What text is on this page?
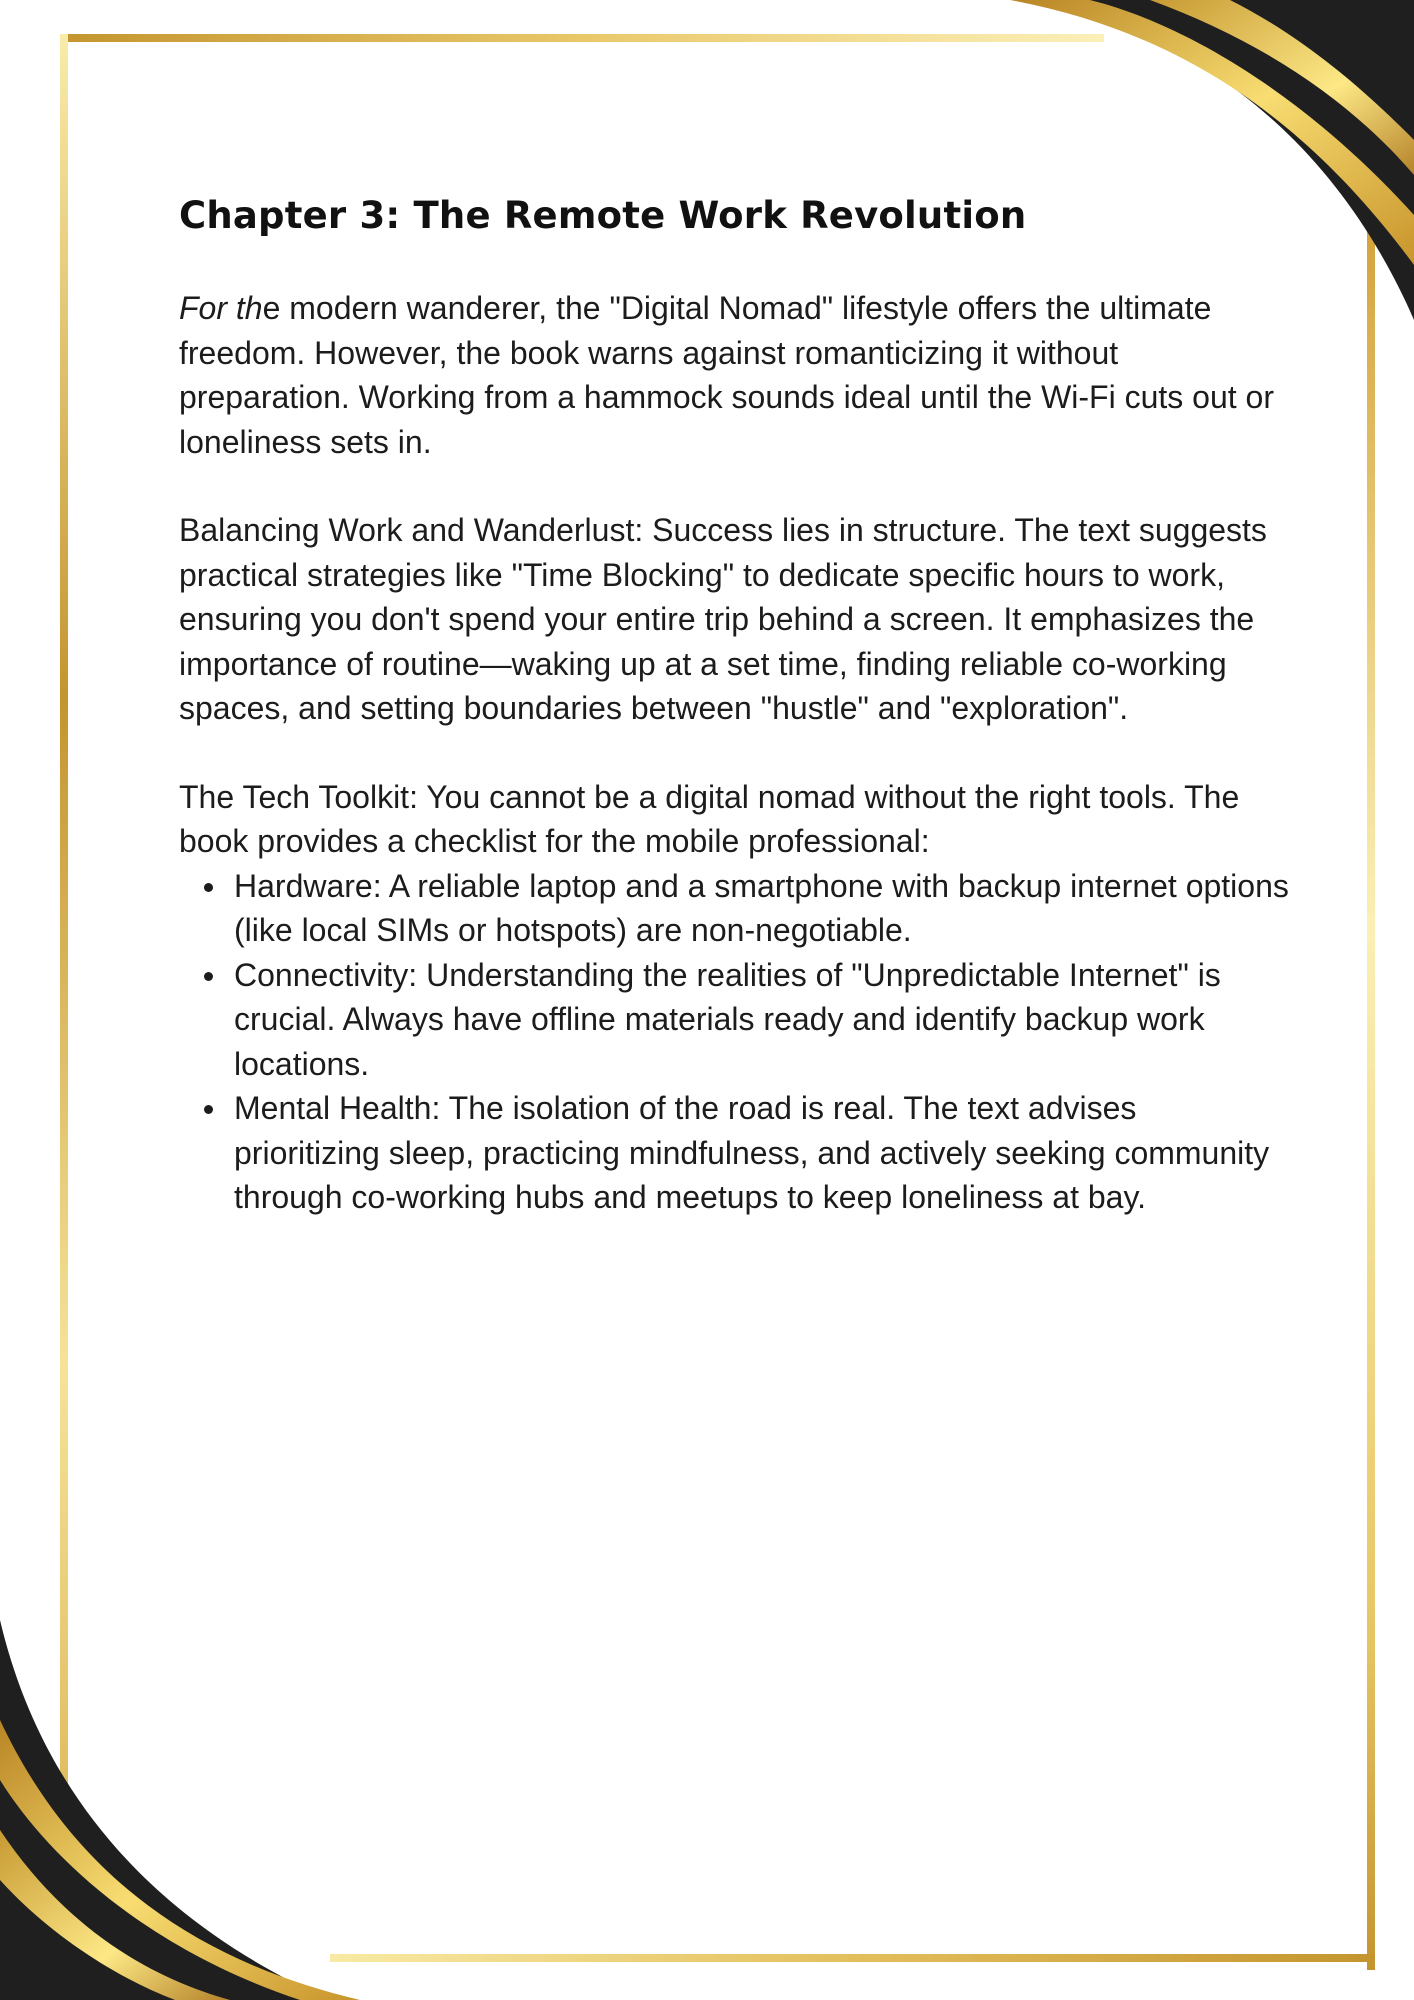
Chapter 3: The Remote Work Revolution

For the modern wanderer, the "Digital Nomad" lifestyle offers the ultimate freedom. However, the book warns against romanticizing it without preparation. Working from a hammock sounds ideal until the Wi-Fi cuts out or loneliness sets in.

Balancing Work and Wanderlust: Success lies in structure. The text suggests practical strategies like "Time Blocking" to dedicate specific hours to work, ensuring you don't spend your entire trip behind a screen. It emphasizes the importance of routine—waking up at a set time, finding reliable co-working spaces, and setting boundaries between "hustle" and "exploration".

The Tech Toolkit: You cannot be a digital nomad without the right tools. The book provides a checklist for the mobile professional:

Hardware: A reliable laptop and a smartphone with backup internet options (like local SIMs or hotspots) are non-negotiable.
Connectivity: Understanding the realities of "Unpredictable Internet" is crucial. Always have offline materials ready and identify backup work locations.
Mental Health: The isolation of the road is real. The text advises prioritizing sleep, practicing mindfulness, and actively seeking community through co-working hubs and meetups to keep loneliness at bay.
